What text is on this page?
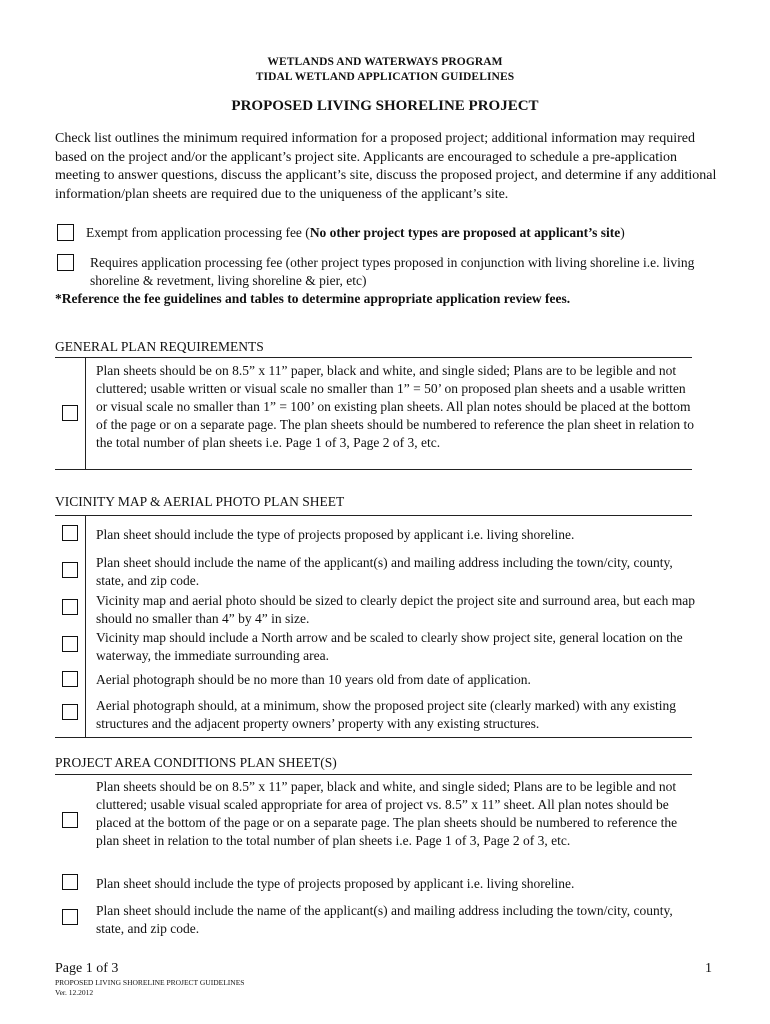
WETLANDS AND WATERWAYS PROGRAM
TIDAL WETLAND APPLICATION GUIDELINES
PROPOSED LIVING SHORELINE PROJECT
Check list outlines the minimum required information for a proposed project; additional information may required based on the project and/or the applicant’s project site. Applicants are encouraged to schedule a pre-application meeting to answer questions, discuss the applicant’s site, discuss the proposed project, and determine if any additional information/plan sheets are required due to the uniqueness of the applicant’s site.
Exempt from application processing fee (No other project types are proposed at applicant’s site)
Requires application processing fee (other project types proposed in conjunction with living shoreline i.e. living shoreline & revetment, living shoreline & pier, etc)
*Reference the fee guidelines and tables to determine appropriate application review fees.
GENERAL PLAN REQUIREMENTS
Plan sheets should be on 8.5” x 11” paper, black and white, and single sided; Plans are to be legible and not cluttered; usable written or visual scale no smaller than 1” = 50’ on proposed plan sheets and a usable written or visual scale no smaller than 1” = 100’ on existing plan sheets. All plan notes should be placed at the bottom of the page or on a separate page. The plan sheets should be numbered to reference the plan sheet in relation to the total number of plan sheets i.e. Page 1 of 3, Page 2 of 3, etc.
VICINITY MAP & AERIAL PHOTO PLAN SHEET
Plan sheet should include the type of projects proposed by applicant i.e. living shoreline.
Plan sheet should include the name of the applicant(s) and mailing address including the town/city, county, state, and zip code.
Vicinity map and aerial photo should be sized to clearly depict the project site and surround area, but each map should no smaller than 4” by 4” in size.
Vicinity map should include a North arrow and be scaled to clearly show project site, general location on the waterway, the immediate surrounding area.
Aerial photograph should be no more than 10 years old from date of application.
Aerial photograph should, at a minimum, show the proposed project site (clearly marked) with any existing structures and the adjacent property owners’ property with any existing structures.
PROJECT AREA CONDITIONS PLAN SHEET(S)
Plan sheets should be on 8.5” x 11” paper, black and white, and single sided; Plans are to be legible and not cluttered; usable visual scaled appropriate for area of project vs. 8.5” x 11” sheet. All plan notes should be placed at the bottom of the page or on a separate page. The plan sheets should be numbered to reference the plan sheet in relation to the total number of plan sheets i.e. Page 1 of 3, Page 2 of 3, etc.
Plan sheet should include the type of projects proposed by applicant i.e. living shoreline.
Plan sheet should include the name of the applicant(s) and mailing address including the town/city, county, state, and zip code.
Page 1 of 3	1
PROPOSED LIVING SHORELINE PROJECT GUIDELINES
Ver. 12.2012
